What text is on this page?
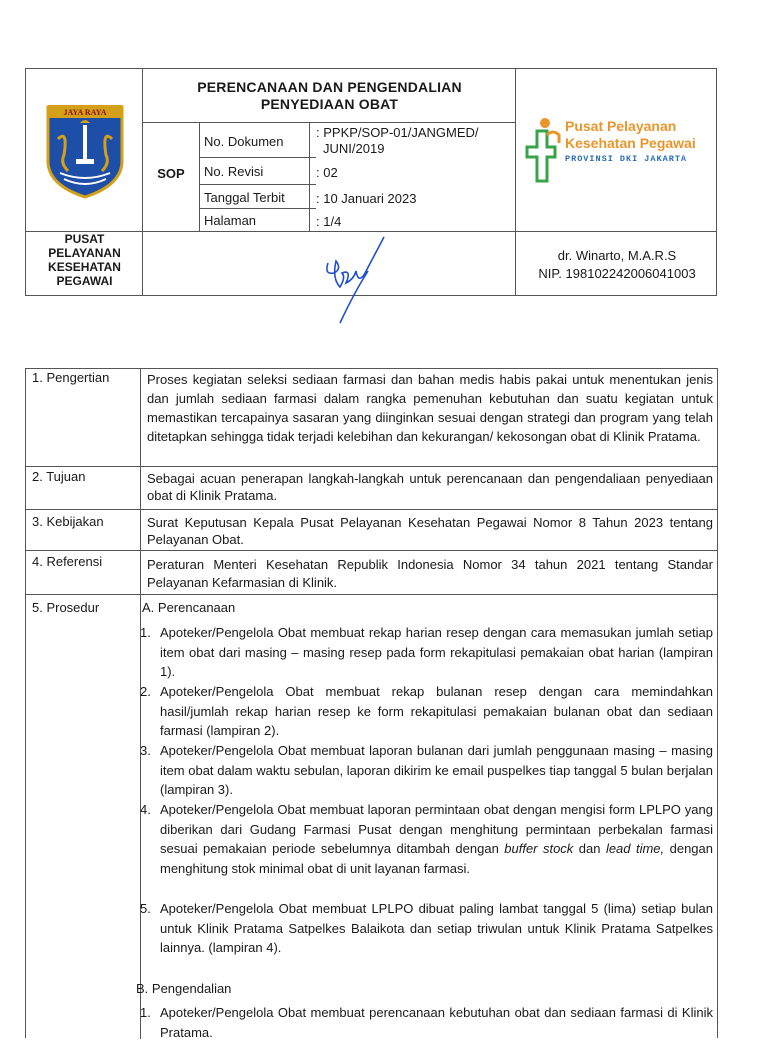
JAYA RAYA
PERENCANAAN DAN PENGENDALIAN
PENYEDIAAN OBAT
SOP
No. Dokumen
: PPKP/SOP-01/JANGMED/
JUNI/2019
No. Revisi	: 02
Tanggal Terbit : 10 Januari 2023
Halaman	: 1/4
Pusat Pelayanan
Kesehatan Pegawai
PROVINSI DKI JAKARTA
PUSAT
PELAYANAN
KESEHATAN
PEGAWAI
dr. Winarto, M.A.R.S
NIP. 198102242006041003
1. Pengertian	Proses kegiatan seleksi sediaan farmasi dan bahan medis habis pakai untuk menentukan jenis dan jumlah sediaan farmasi dalam rangka pemenuhan kebutuhan dan suatu kegiatan untuk memastikan tercapainya sasaran yang diinginkan sesuai dengan strategi dan program yang telah ditetapkan sehingga tidak terjadi kelebihan dan kekurangan/ kekosongan obat di Klinik Pratama.
2. Tujuan	Sebagai acuan penerapan langkah-langkah untuk perencanaan dan pengendaliaan penyediaan obat di Klinik Pratama.
3. Kebijakan	Surat Keputusan Kepala Pusat Pelayanan Kesehatan Pegawai Nomor 8 Tahun 2023 tentang Pelayanan Obat.
4. Referensi	Peraturan Menteri Kesehatan Republik Indonesia Nomor 34 tahun 2021 tentang Standar Pelayanan Kefarmasian di Klinik.
5. Prosedur	A. Perencanaan
1. Apoteker/Pengelola Obat membuat rekap harian resep dengan cara memasukan jumlah setiap item obat dari masing – masing resep pada form rekapitulasi pemakaian obat harian (lampiran 1).
2. Apoteker/Pengelola Obat membuat rekap bulanan resep dengan cara memindahkan hasil/jumlah rekap harian resep ke form rekapitulasi pemakaian bulanan obat dan sediaan farmasi (lampiran 2).
3. Apoteker/Pengelola Obat membuat laporan bulanan dari jumlah penggunaan masing – masing item obat dalam waktu sebulan, laporan dikirim ke email puspelkes tiap tanggal 5 bulan berjalan (lampiran 3).
4. Apoteker/Pengelola Obat membuat laporan permintaan obat dengan mengisi form LPLPO yang diberikan dari Gudang Farmasi Pusat dengan menghitung permintaan perbekalan farmasi sesuai pemakaian periode sebelumnya ditambah dengan buffer stock dan lead time, dengan menghitung stok minimal obat di unit layanan farmasi.
5. Apoteker/Pengelola Obat membuat LPLPO dibuat paling lambat tanggal 5 (lima) setiap bulan untuk Klinik Pratama Satpelkes Balaikota dan setiap triwulan untuk Klinik Pratama Satpelkes lainnya. (lampiran 4).
B. Pengendalian
1. Apoteker/Pengelola Obat membuat perencanaan kebutuhan obat dan sediaan farmasi di Klinik Pratama.
